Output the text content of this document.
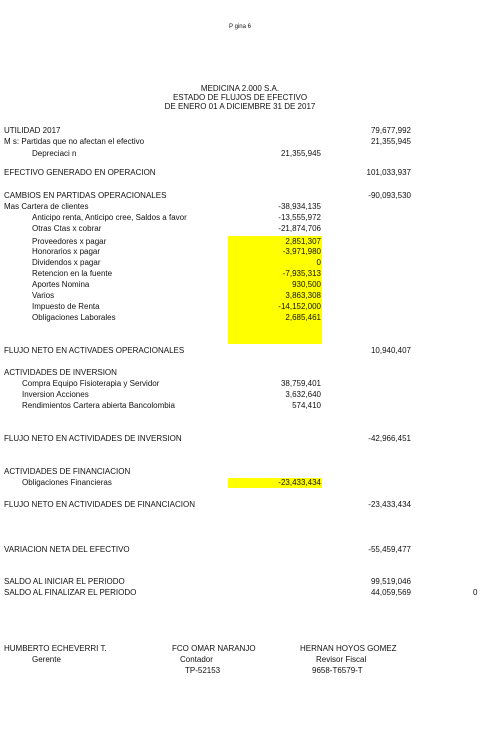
P gina 6
MEDICINA 2.000 S.A.
ESTADO DE FLUJOS DE EFECTIVO
DE ENERO 01 A DICIEMBRE 31 DE 2017
UTILIDAD 2017	79,677,992
M s: Partidas que no afectan el efectivo	21,355,945
Depreciaci n	21,355,945
EFECTIVO GENERADO EN OPERACION	101,033,937
CAMBIOS EN PARTIDAS OPERACIONALES	-90,093,530
Mas Cartera de clientes	-38,934,135
Anticipo renta, Anticipo cree, Saldos a favor	-13,555,972
Otras Ctas x cobrar	-21,874,706
Proveedores x pagar	2,851,307
Honorarios x pagar	-3,971,980
Dividendos x pagar	0
Retencion en la fuente	-7,935,313
Aportes Nomina	930,500
Varios	3,863,308
Impuesto de Renta	-14,152,000
Obligaciones Laborales	2,685,461
FLUJO NETO EN ACTIVADES OPERACIONALES	10,940,407
ACTIVIDADES DE INVERSION
Compra Equipo Fisioterapia y Servidor	38,759,401
Inversion Acciones	3,632,640
Rendimientos Cartera abierta Bancolombia	574,410
FLUJO NETO EN ACTIVIDADES DE INVERSION	-42,966,451
ACTIVIDADES DE FINANCIACION
Obligaciones Financieras	-23,433,434
FLUJO NETO EN ACTIVIDADES DE FINANCIACION	-23,433,434
VARIACION NETA DEL EFECTIVO	-55,459,477
SALDO AL INICIAR EL PERIODO	99,519,046
SALDO AL FINALIZAR EL PERIODO	44,059,569	0
HUMBERTO ECHEVERRI T.
Gerente
FCO OMAR NARANJO
Contador
TP-52153
HERNAN HOYOS GOMEZ
Revisor Fiscal
9658-T6579-T
